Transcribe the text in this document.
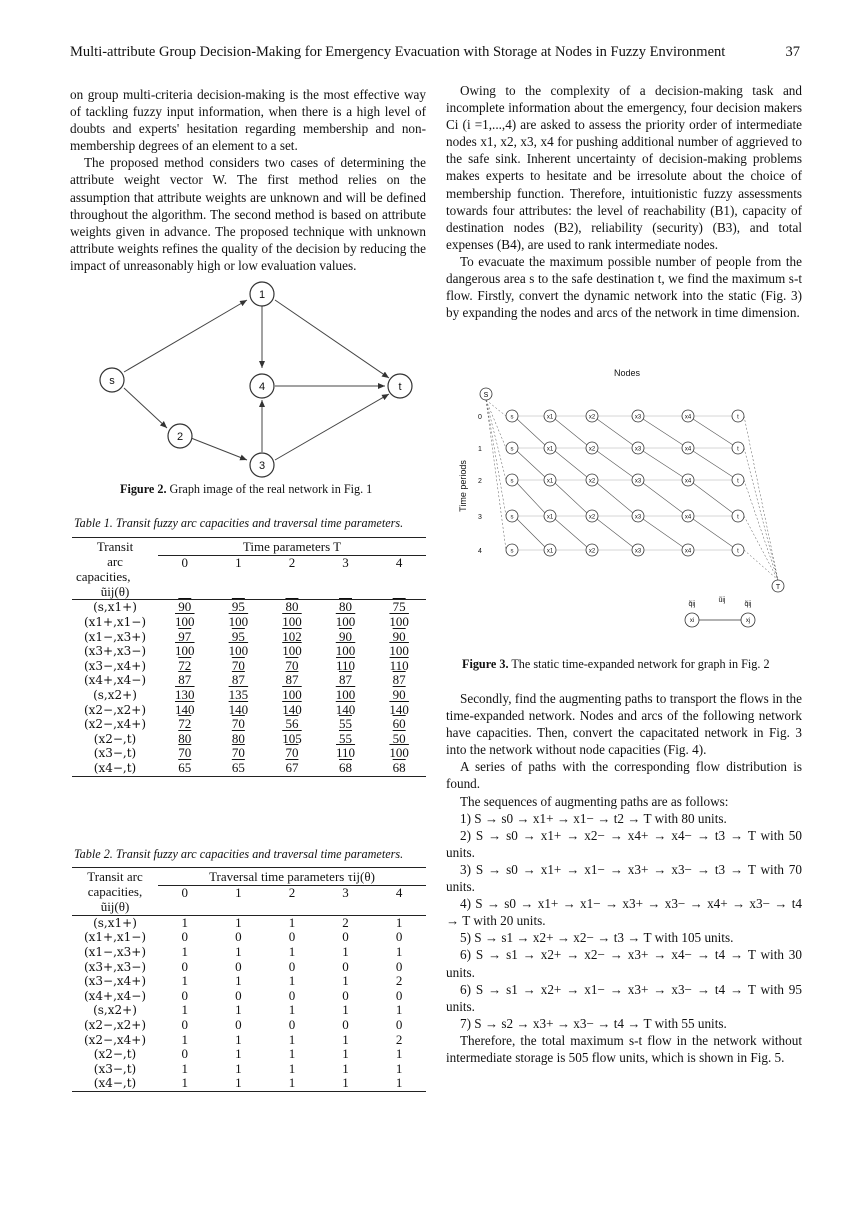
Multi-attribute Group Decision-Making for Emergency Evacuation with Storage at Nodes in Fuzzy Environment	37

on group multi-criteria decision-making is the most effective way of tackling fuzzy input information, when there is a high level of doubts and experts' hesitation regarding membership and non-membership degrees of an element to a set.

The proposed method considers two cases of determining the attribute weight vector W. The first method relies on the assumption that attribute weights are unknown and will be defined throughout the algorithm. The second method is based on attribute weights given in advance. The proposed technique with unknown attribute weights refines the quality of the decision by reducing the impact of unreasonably high or low evaluation values.

s
1
2
3
4	t
Figure 2. Graph image of the real network in Fig. 1
Table 1. Transit fuzzy arc capacities and traversal time parameters.
Transit	Time parameters T				
arc	0	1	2	3	4
capacities,					
ũij(θ)					
(s,x1+)	90	95	80	80	75
(x1+,x1−)	100	100	100	100	100
(x1−,x3+)	97	95	102	90	90
(x3+,x3−)	100	100	100	100	100
(x3−,x4+)	72	70	70	110	110
(x4+,x4−)	87	87	87	87	87
(s,x2+)	130	135	100	100	90
(x2−,x2+)	140	140	140	140	140
(x2−,x4+)	72	70	56	55	60
(x2−,t)	80	80	105	55	50
(x3−,t)	70	70	70	110	100
(x4−,t)	65	65	67	68	68
Table 2. Transit fuzzy arc capacities and traversal time parameters.
Transit arc	Traversal time parameters τij(θ)				
capacities,	0	1	2	3	4
ũij(θ)					
(s,x1+)	1	1	1	2	1
(x1+,x1−)	0	0	0	0	0
(x1−,x3+)	1	1	1	1	1
(x3+,x3−)	0	0	0	0	0
(x3−,x4+)	1	1	1	1	2
(x4+,x4−)	0	0	0	0	0
(s,x2+)	1	1	1	1	1
(x2−,x2+)	0	0	0	0	0
(x2−,x4+)	1	1	1	1	2
(x2−,t)	0	1	1	1	1
(x3−,t)	1	1	1	1	1
(x4−,t)	1	1	1	1	1

Owing to the complexity of a decision-making task and incomplete information about the emergency, four decision makers Ci (i =1,...,4) are asked to assess the priority order of intermediate nodes x1, x2, x3, x4 for pushing additional number of aggrieved to the safe sink. Inherent uncertainty of decision-making problems makes experts to hesitate and be irresolute about the choice of membership function. Therefore, intuitionistic fuzzy assessments towards four attributes: the level of reachability (B1), capacity of destination nodes (B2), reliability (security) (B3), and total expenses (B4), are used to rank intermediate nodes.

To evacuate the maximum possible number of people from the dangerous area s to the safe destination t, we find the maximum s-t flow. Firstly, convert the dynamic network into the static (Fig. 3) by expanding the nodes and arcs of the network in time dimension.

Nodes
Time periods
S
T
0	s	x1	x2	x3	x4	t
1	s	x1	x2	x3	x4	t
2	s	x1	x2	x3	x4	t
3	s	x1	x2	x3	x4	t
4	s	x1	x2	x3	x4	t
q̃ij
ũij
q̃ij
xi	xj
Figure 3. The static time-expanded network for graph in Fig. 2

Secondly, find the augmenting paths to transport the flows in the time-expanded network. Nodes and arcs of the following network have capacities. Then, convert the capacitated network in Fig. 3 into the network without node capacities (Fig. 4).

A series of paths with the corresponding flow distribution is found.

The sequences of augmenting paths are as follows:

1) S → s0 → x1+ → x1− → t2 → T with 80 units.

2) S → s0 → x1+ → x2− → x4+ → x4− → t3 → T with 50 units.

3) S → s0 → x1+ → x1− → x3+ → x3− → t3 → T with 70 units.

4) S → s0 → x1+ → x1− → x3+ → x3− → x4+ → x3− → t4 → T with 20 units.

5) S → s1 → x2+ → x2− → t3 → T with 105 units.

6) S → s1 → x2+ → x2− → x3+ → x4− → t4 → T with 30 units.

6) S → s1 → x2+ → x1− → x3+ → x3− → t4 → T with 95 units.

7) S → s2 → x3+ → x3− → t4 → T with 55 units.

Therefore, the total maximum s-t flow in the network without intermediate storage is 505 flow units, which is shown in Fig. 5.
